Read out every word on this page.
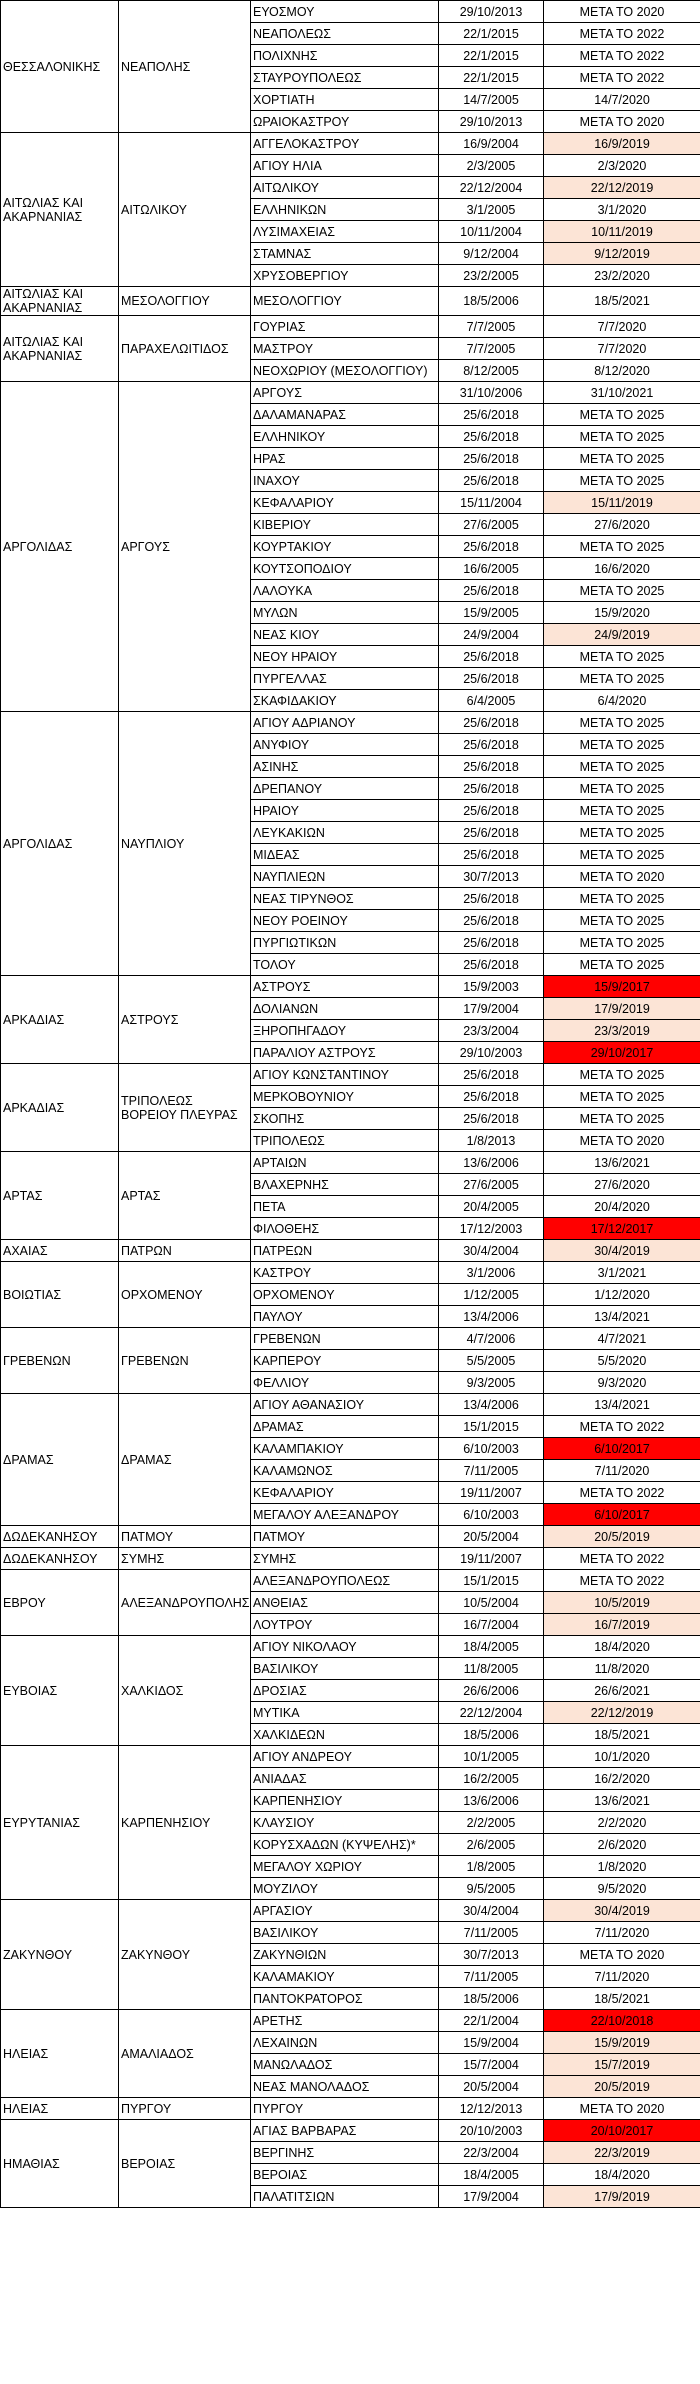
ΘΕΣΣΑΛΟΝΙΚΗΣ	ΝΕΑΠΟΛΗΣ	ΕΥΟΣΜΟΥ	29/10/2013	ΜΕΤΑ ΤΟ 2020
		ΝΕΑΠΟΛΕΩΣ	22/1/2015	ΜΕΤΑ ΤΟ 2022
		ΠΟΛΙΧΝΗΣ	22/1/2015	ΜΕΤΑ ΤΟ 2022
		ΣΤΑΥΡΟΥΠΟΛΕΩΣ	22/1/2015	ΜΕΤΑ ΤΟ 2022
		ΧΟΡΤΙΑΤΗ	14/7/2005	14/7/2020
		ΩΡΑΙΟΚΑΣΤΡΟΥ	29/10/2013	ΜΕΤΑ ΤΟ 2020
ΑΙΤΩΛΙΑΣ ΚΑΙ ΑΚΑΡΝΑΝΙΑΣ	ΑΙΤΩΛΙΚΟΥ	ΑΓΓΕΛΟΚΑΣΤΡΟΥ	16/9/2004	16/9/2019
		ΑΓΙΟΥ ΗΛΙΑ	2/3/2005	2/3/2020
		ΑΙΤΩΛΙΚΟΥ	22/12/2004	22/12/2019
		ΕΛΛΗΝΙΚΩΝ	3/1/2005	3/1/2020
		ΛΥΣΙΜΑΧΕΙΑΣ	10/11/2004	10/11/2019
		ΣΤΑΜΝΑΣ	9/12/2004	9/12/2019
		ΧΡΥΣΟΒΕΡΓΙΟΥ	23/2/2005	23/2/2020
ΑΙΤΩΛΙΑΣ ΚΑΙ ΑΚΑΡΝΑΝΙΑΣ	ΜΕΣΟΛΟΓΓΙΟΥ	ΜΕΣΟΛΟΓΓΙΟΥ	18/5/2006	18/5/2021
ΑΙΤΩΛΙΑΣ ΚΑΙ ΑΚΑΡΝΑΝΙΑΣ	ΠΑΡΑΧΕΛΩΙΤΙΔΟΣ	ΓΟΥΡΙΑΣ	7/7/2005	7/7/2020
		ΜΑΣΤΡΟΥ	7/7/2005	7/7/2020
		ΝΕΟΧΩΡΙΟΥ (ΜΕΣΟΛΟΓΓΙΟΥ)	8/12/2005	8/12/2020
ΑΡΓΟΛΙΔΑΣ	ΑΡΓΟΥΣ	ΑΡΓΟΥΣ	31/10/2006	31/10/2021
		ΔΑΛΑΜΑΝΑΡΑΣ	25/6/2018	ΜΕΤΑ ΤΟ 2025
		ΕΛΛΗΝΙΚΟΥ	25/6/2018	ΜΕΤΑ ΤΟ 2025
		ΗΡΑΣ	25/6/2018	ΜΕΤΑ ΤΟ 2025
		ΙΝΑΧΟΥ	25/6/2018	ΜΕΤΑ ΤΟ 2025
		ΚΕΦΑΛΑΡΙΟΥ	15/11/2004	15/11/2019
		ΚΙΒΕΡΙΟΥ	27/6/2005	27/6/2020
		ΚΟΥΡΤΑΚΙΟΥ	25/6/2018	ΜΕΤΑ ΤΟ 2025
		ΚΟΥΤΣΟΠΟΔΙΟΥ	16/6/2005	16/6/2020
		ΛΑΛΟΥΚΑ	25/6/2018	ΜΕΤΑ ΤΟ 2025
		ΜΥΛΩΝ	15/9/2005	15/9/2020
		ΝΕΑΣ ΚΙΟΥ	24/9/2004	24/9/2019
		ΝΕΟΥ ΗΡΑΙΟΥ	25/6/2018	ΜΕΤΑ ΤΟ 2025
		ΠΥΡΓΕΛΛΑΣ	25/6/2018	ΜΕΤΑ ΤΟ 2025
		ΣΚΑΦΙΔΑΚΙΟΥ	6/4/2005	6/4/2020
ΑΡΓΟΛΙΔΑΣ	ΝΑΥΠΛΙΟΥ	ΑΓΙΟΥ ΑΔΡΙΑΝΟΥ	25/6/2018	ΜΕΤΑ ΤΟ 2025
		ΑΝΥΦΙΟΥ	25/6/2018	ΜΕΤΑ ΤΟ 2025
		ΑΣΙΝΗΣ	25/6/2018	ΜΕΤΑ ΤΟ 2025
		ΔΡΕΠΑΝΟΥ	25/6/2018	ΜΕΤΑ ΤΟ 2025
		ΗΡΑΙΟΥ	25/6/2018	ΜΕΤΑ ΤΟ 2025
		ΛΕΥΚΑΚΙΩΝ	25/6/2018	ΜΕΤΑ ΤΟ 2025
		ΜΙΔΕΑΣ	25/6/2018	ΜΕΤΑ ΤΟ 2025
		ΝΑΥΠΛΙΕΩΝ	30/7/2013	ΜΕΤΑ ΤΟ 2020
		ΝΕΑΣ ΤΙΡΥΝΘΟΣ	25/6/2018	ΜΕΤΑ ΤΟ 2025
		ΝΕΟΥ ΡΟΕΙΝΟΥ	25/6/2018	ΜΕΤΑ ΤΟ 2025
		ΠΥΡΓΙΩΤΙΚΩΝ	25/6/2018	ΜΕΤΑ ΤΟ 2025
		ΤΟΛΟΥ	25/6/2018	ΜΕΤΑ ΤΟ 2025
ΑΡΚΑΔΙΑΣ	ΑΣΤΡΟΥΣ	ΑΣΤΡΟΥΣ	15/9/2003	15/9/2017
		ΔΟΛΙΑΝΩΝ	17/9/2004	17/9/2019
		ΞΗΡΟΠΗΓΑΔΟΥ	23/3/2004	23/3/2019
		ΠΑΡΑΛΙΟΥ ΑΣΤΡΟΥΣ	29/10/2003	29/10/2017
ΑΡΚΑΔΙΑΣ	ΤΡΙΠΟΛΕΩΣ ΒΟΡΕΙΟΥ ΠΛΕΥΡΑΣ	ΑΓΙΟΥ ΚΩΝΣΤΑΝΤΙΝΟΥ	25/6/2018	ΜΕΤΑ ΤΟ 2025
		ΜΕΡΚΟΒΟΥΝΙΟΥ	25/6/2018	ΜΕΤΑ ΤΟ 2025
		ΣΚΟΠΗΣ	25/6/2018	ΜΕΤΑ ΤΟ 2025
		ΤΡΙΠΟΛΕΩΣ	1/8/2013	ΜΕΤΑ ΤΟ 2020
ΑΡΤΑΣ	ΑΡΤΑΣ	ΑΡΤΑΙΩΝ	13/6/2006	13/6/2021
		ΒΛΑΧΕΡΝΗΣ	27/6/2005	27/6/2020
		ΠΕΤΑ	20/4/2005	20/4/2020
		ΦΙΛΟΘΕΗΣ	17/12/2003	17/12/2017
ΑΧΑΙΑΣ	ΠΑΤΡΩΝ	ΠΑΤΡΕΩΝ	30/4/2004	30/4/2019
ΒΟΙΩΤΙΑΣ	ΟΡΧΟΜΕΝΟΥ	ΚΑΣΤΡΟΥ	3/1/2006	3/1/2021
		ΟΡΧΟΜΕΝΟΥ	1/12/2005	1/12/2020
		ΠΑΥΛΟΥ	13/4/2006	13/4/2021
ΓΡΕΒΕΝΩΝ	ΓΡΕΒΕΝΩΝ	ΓΡΕΒΕΝΩΝ	4/7/2006	4/7/2021
		ΚΑΡΠΕΡΟΥ	5/5/2005	5/5/2020
		ΦΕΛΛΙΟΥ	9/3/2005	9/3/2020
ΔΡΑΜΑΣ	ΔΡΑΜΑΣ	ΑΓΙΟΥ ΑΘΑΝΑΣΙΟΥ	13/4/2006	13/4/2021
		ΔΡΑΜΑΣ	15/1/2015	ΜΕΤΑ ΤΟ 2022
		ΚΑΛΑΜΠΑΚΙΟΥ	6/10/2003	6/10/2017
		ΚΑΛΑΜΩΝΟΣ	7/11/2005	7/11/2020
		ΚΕΦΑΛΑΡΙΟΥ	19/11/2007	ΜΕΤΑ ΤΟ 2022
		ΜΕΓΑΛΟΥ ΑΛΕΞΑΝΔΡΟΥ	6/10/2003	6/10/2017
ΔΩΔΕΚΑΝΗΣΟΥ	ΠΑΤΜΟΥ	ΠΑΤΜΟΥ	20/5/2004	20/5/2019
ΔΩΔΕΚΑΝΗΣΟΥ	ΣΥΜΗΣ	ΣΥΜΗΣ	19/11/2007	ΜΕΤΑ ΤΟ 2022
ΕΒΡΟΥ	ΑΛΕΞΑΝΔΡΟΥΠΟΛΗΣ	ΑΛΕΞΑΝΔΡΟΥΠΟΛΕΩΣ	15/1/2015	ΜΕΤΑ ΤΟ 2022
		ΑΝΘΕΙΑΣ	10/5/2004	10/5/2019
		ΛΟΥΤΡΟΥ	16/7/2004	16/7/2019
ΕΥΒΟΙΑΣ	ΧΑΛΚΙΔΟΣ	ΑΓΙΟΥ ΝΙΚΟΛΑΟΥ	18/4/2005	18/4/2020
		ΒΑΣΙΛΙΚΟΥ	11/8/2005	11/8/2020
		ΔΡΟΣΙΑΣ	26/6/2006	26/6/2021
		ΜΥΤΙΚΑ	22/12/2004	22/12/2019
		ΧΑΛΚΙΔΕΩΝ	18/5/2006	18/5/2021
ΕΥΡΥΤΑΝΙΑΣ	ΚΑΡΠΕΝΗΣΙΟΥ	ΑΓΙΟΥ ΑΝΔΡΕΟΥ	10/1/2005	10/1/2020
		ΑΝΙΑΔΑΣ	16/2/2005	16/2/2020
		ΚΑΡΠΕΝΗΣΙΟΥ	13/6/2006	13/6/2021
		ΚΛΑΥΣΙΟΥ	2/2/2005	2/2/2020
		ΚΟΡΥΣΧΑΔΩΝ (ΚΥΨΕΛΗΣ)*	2/6/2005	2/6/2020
		ΜΕΓΑΛΟΥ ΧΩΡΙΟΥ	1/8/2005	1/8/2020
		ΜΟΥΖΙΛΟΥ	9/5/2005	9/5/2020
ΖΑΚΥΝΘΟΥ	ΖΑΚΥΝΘΟΥ	ΑΡΓΑΣΙΟΥ	30/4/2004	30/4/2019
		ΒΑΣΙΛΙΚΟΥ	7/11/2005	7/11/2020
		ΖΑΚΥΝΘΙΩΝ	30/7/2013	ΜΕΤΑ ΤΟ 2020
		ΚΑΛΑΜΑΚΙΟΥ	7/11/2005	7/11/2020
		ΠΑΝΤΟΚΡΑΤΟΡΟΣ	18/5/2006	18/5/2021
ΗΛΕΙΑΣ	ΑΜΑΛΙΑΔΟΣ	ΑΡΕΤΗΣ	22/1/2004	22/10/2018
		ΛΕΧΑΙΝΩΝ	15/9/2004	15/9/2019
		ΜΑΝΩΛΑΔΟΣ	15/7/2004	15/7/2019
		ΝΕΑΣ ΜΑΝΟΛΑΔΟΣ	20/5/2004	20/5/2019
ΗΛΕΙΑΣ	ΠΥΡΓΟΥ	ΠΥΡΓΟΥ	12/12/2013	ΜΕΤΑ ΤΟ 2020
ΗΜΑΘΙΑΣ	ΒΕΡΟΙΑΣ	ΑΓΙΑΣ ΒΑΡΒΑΡΑΣ	20/10/2003	20/10/2017
		ΒΕΡΓΙΝΗΣ	22/3/2004	22/3/2019
		ΒΕΡΟΙΑΣ	18/4/2005	18/4/2020
		ΠΑΛΑΤΙΤΣΙΩΝ	17/9/2004	17/9/2019
